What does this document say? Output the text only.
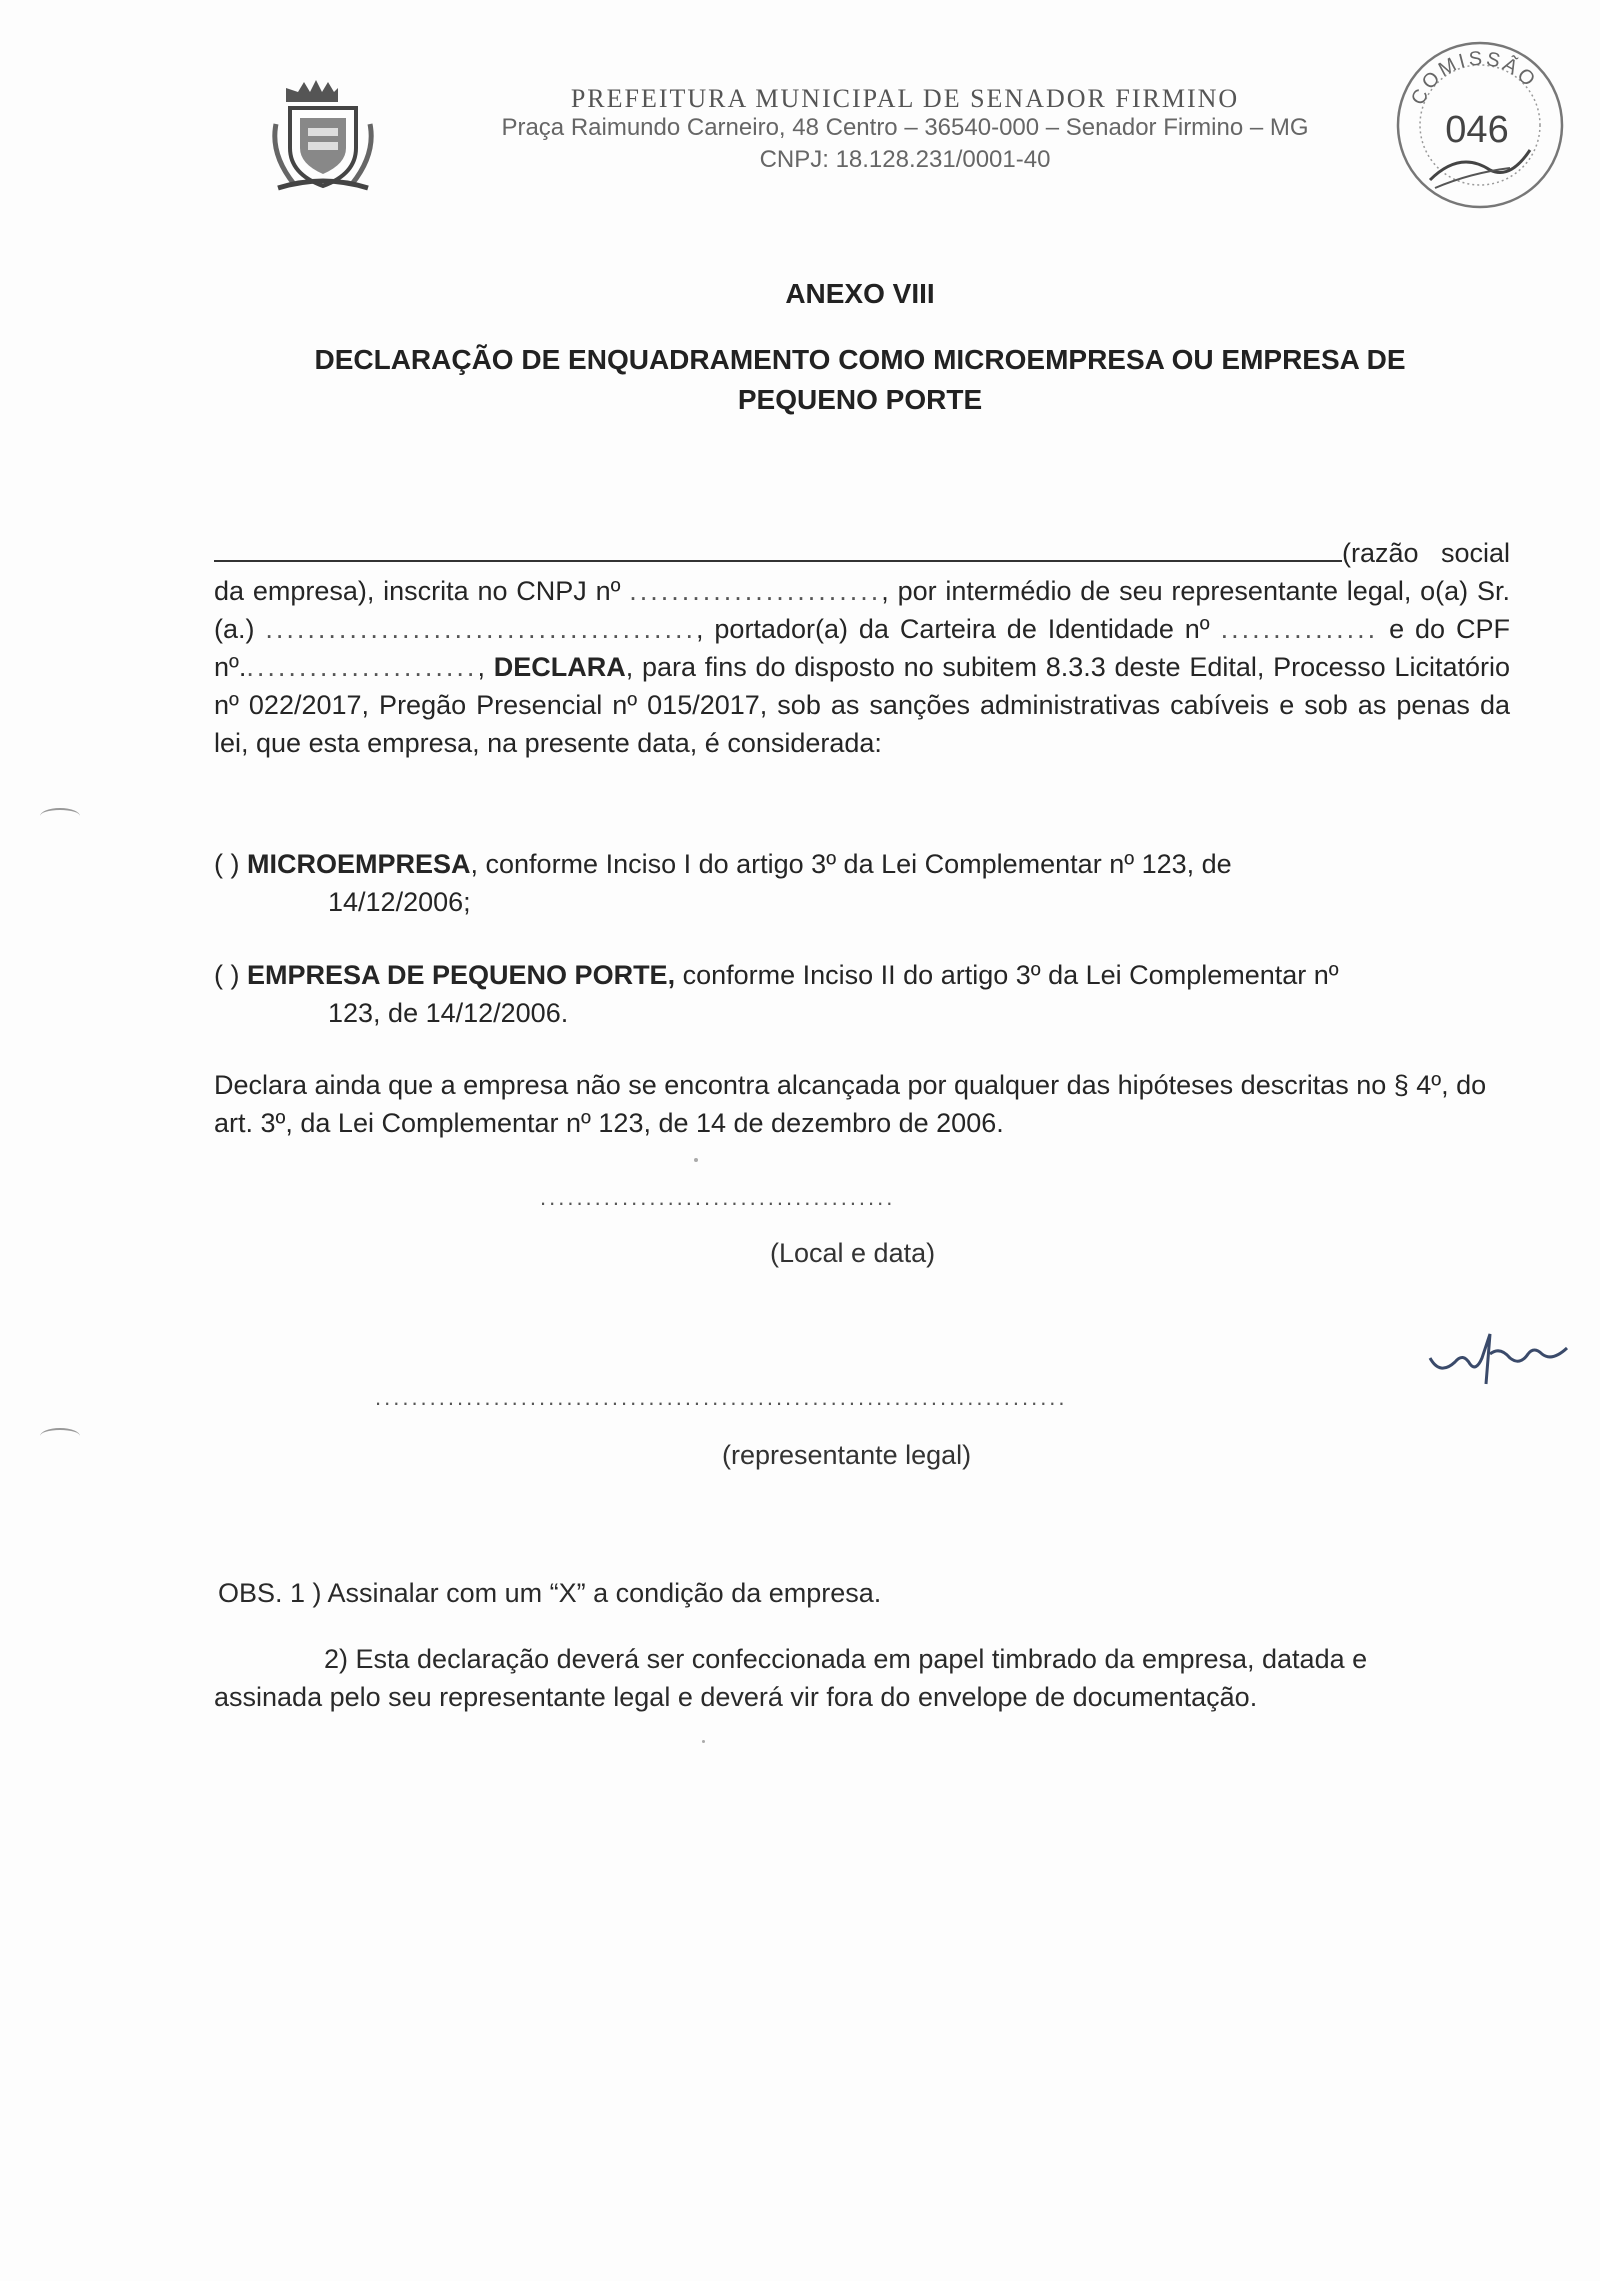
PREFEITURA MUNICIPAL DE SENADOR FIRMINO
Praça Raimundo Carneiro, 48 Centro – 36540-000 – Senador Firmino – MG
CNPJ: 18.128.231/0001-40
COMISSÃO
046
ANEXO VIII
DECLARAÇÃO DE ENQUADRAMENTO COMO MICROEMPRESA OU EMPRESA DE
PEQUENO PORTE
(razão social da empresa), inscrita no CNPJ nº ........................, por intermédio de seu representante legal, o(a) Sr.(a.) ........................................., portador(a) da Carteira de Identidade nº ............... e do CPF nº......................., DECLARA, para fins do disposto no subitem 8.3.3 deste Edital, Processo Licitatório nº 022/2017, Pregão Presencial nº 015/2017, sob as sanções administrativas cabíveis e sob as penas da lei, que esta empresa, na presente data, é considerada:
( ) MICROEMPRESA, conforme Inciso I do artigo 3º da Lei Complementar nº 123, de
14/12/2006;
( ) EMPRESA DE PEQUENO PORTE, conforme Inciso II do artigo 3º da Lei Complementar nº
123, de 14/12/2006.
Declara ainda que a empresa não se encontra alcançada por qualquer das hipóteses descritas no § 4º, do art. 3º, da Lei Complementar nº 123, de 14 de dezembro de 2006.
.......................................
(Local e data)
............................................................................
(representante legal)
OBS. 1 ) Assinalar com um “X” a condição da empresa.
2) Esta declaração deverá ser confeccionada em papel timbrado da empresa, datada e
assinada pelo seu representante legal e deverá vir fora do envelope de documentação.
